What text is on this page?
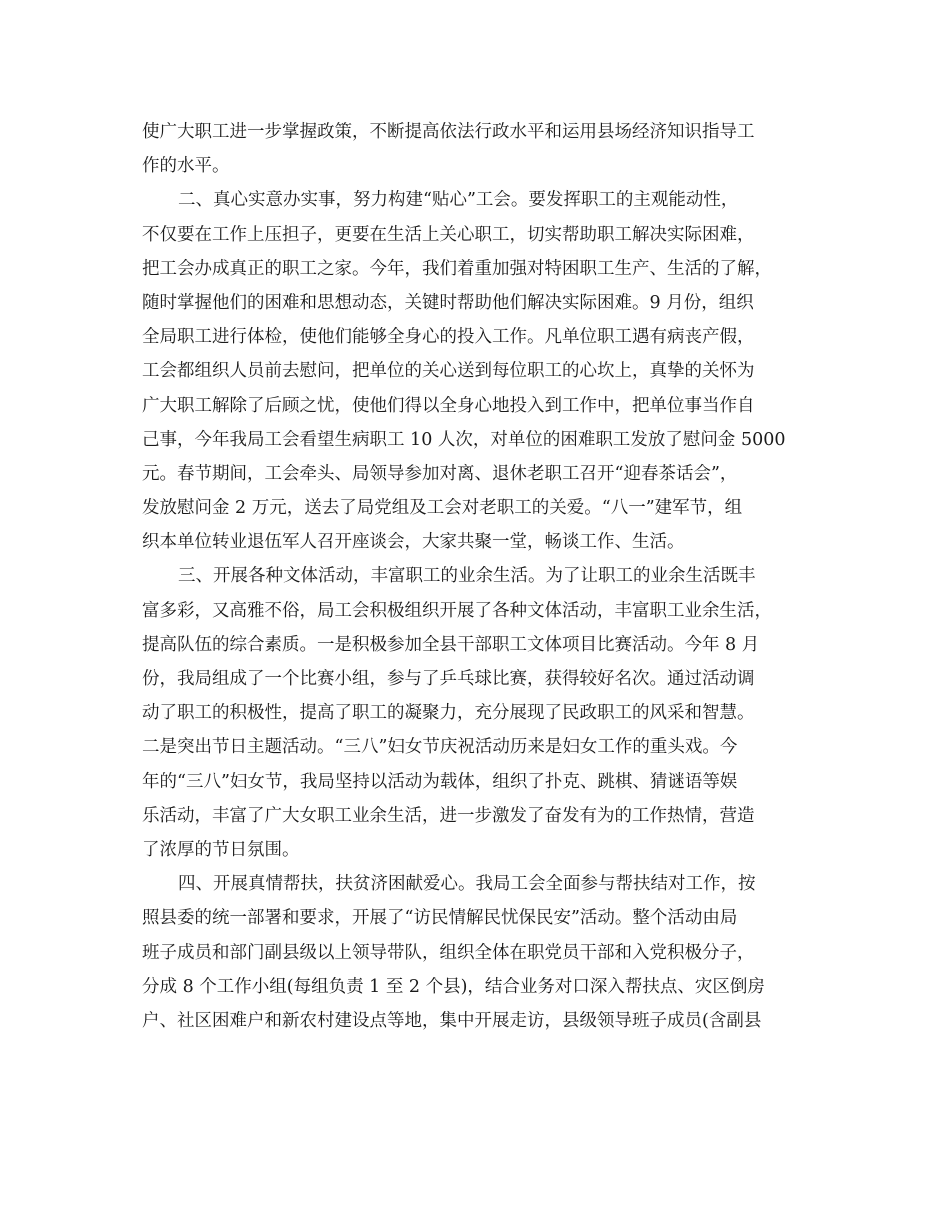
使广大职工进一步掌握政策，不断提高依法行政水平和运用县场经济知识指导工
作的水平。
二、真心实意办实事，努力构建“贴心”工会。要发挥职工的主观能动性，
不仅要在工作上压担子，更要在生活上关心职工，切实帮助职工解决实际困难，
把工会办成真正的职工之家。今年，我们着重加强对特困职工生产、生活的了解，
随时掌握他们的困难和思想动态，关键时帮助他们解决实际困难。9 月份，组织
全局职工进行体检，使他们能够全身心的投入工作。凡单位职工遇有病丧产假，
工会都组织人员前去慰问，把单位的关心送到每位职工的心坎上，真挚的关怀为
广大职工解除了后顾之忧，使他们得以全身心地投入到工作中，把单位事当作自
己事，今年我局工会看望生病职工 10 人次，对单位的困难职工发放了慰问金 5000
元。春节期间，工会牵头、局领导参加对离、退休老职工召开“迎春茶话会”，
发放慰问金 2 万元，送去了局党组及工会对老职工的关爱。“八一”建军节，组
织本单位转业退伍军人召开座谈会，大家共聚一堂，畅谈工作、生活。
三、开展各种文体活动，丰富职工的业余生活。为了让职工的业余生活既丰
富多彩，又高雅不俗，局工会积极组织开展了各种文体活动，丰富职工业余生活，
提高队伍的综合素质。一是积极参加全县干部职工文体项目比赛活动。今年 8 月
份，我局组成了一个比赛小组，参与了乒乓球比赛，获得较好名次。通过活动调
动了职工的积极性，提高了职工的凝聚力，充分展现了民政职工的风采和智慧。
二是突出节日主题活动。“三八”妇女节庆祝活动历来是妇女工作的重头戏。今
年的“三八”妇女节，我局坚持以活动为载体，组织了扑克、跳棋、猜谜语等娱
乐活动，丰富了广大女职工业余生活，进一步激发了奋发有为的工作热情，营造
了浓厚的节日氛围。
四、开展真情帮扶，扶贫济困献爱心。我局工会全面参与帮扶结对工作，按
照县委的统一部署和要求，开展了“访民情解民忧保民安”活动。整个活动由局
班子成员和部门副县级以上领导带队，组织全体在职党员干部和入党积极分子，
分成 8 个工作小组(每组负责 1 至 2 个县)，结合业务对口深入帮扶点、灾区倒房
户、社区困难户和新农村建设点等地，集中开展走访，县级领导班子成员(含副县
